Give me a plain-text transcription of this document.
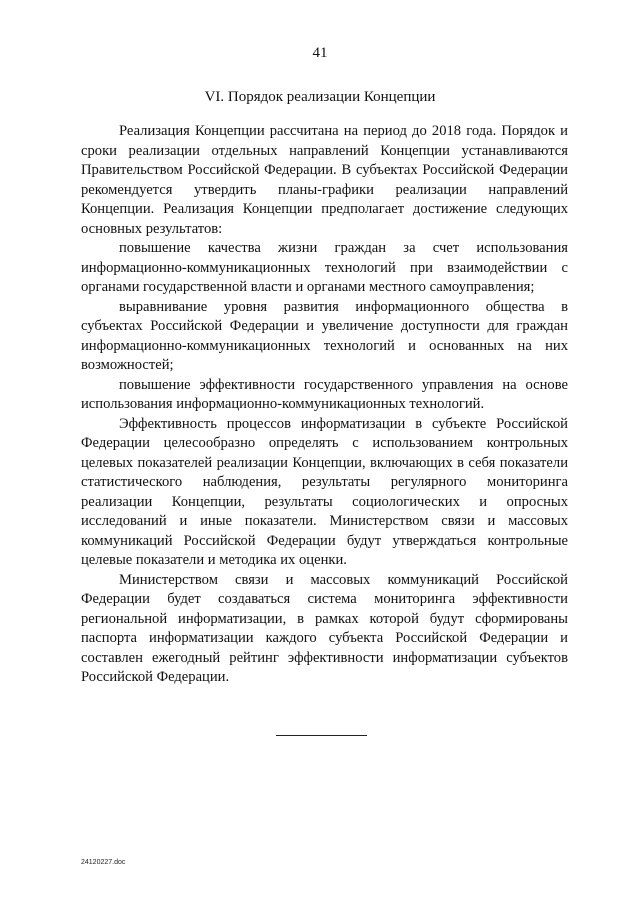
41
VI. Порядок реализации Концепции

Реализация Концепции рассчитана на период до 2018 года. Порядок и сроки реализации отдельных направлений Концепции устанавливаются Правительством Российской Федерации. В субъектах Российской Федерации рекомендуется утвердить планы-графики реализации направлений Концепции. Реализация Концепции предполагает достижение следующих основных результатов:

повышение качества жизни граждан за счет использования информационно-коммуникационных технологий при взаимодействии с органами государственной власти и органами местного самоуправления;

выравнивание уровня развития информационного общества в субъектах Российской Федерации и увеличение доступности для граждан информационно-коммуникационных технологий и основанных на них возможностей;

повышение эффективности государственного управления на основе использования информационно-коммуникационных технологий.

Эффективность процессов информатизации в субъекте Российской Федерации целесообразно определять с использованием контрольных целевых показателей реализации Концепции, включающих в себя показатели статистического наблюдения, результаты регулярного мониторинга реализации Концепции, результаты социологических и опросных исследований и иные показатели. Министерством связи и массовых коммуникаций Российской Федерации будут утверждаться контрольные целевые показатели и методика их оценки.

Министерством связи и массовых коммуникаций Российской Федерации будет создаваться система мониторинга эффективности региональной информатизации, в рамках которой будут сформированы паспорта информатизации каждого субъекта Российской Федерации и составлен ежегодный рейтинг эффективности информатизации субъектов Российской Федерации.

24120227.doc
